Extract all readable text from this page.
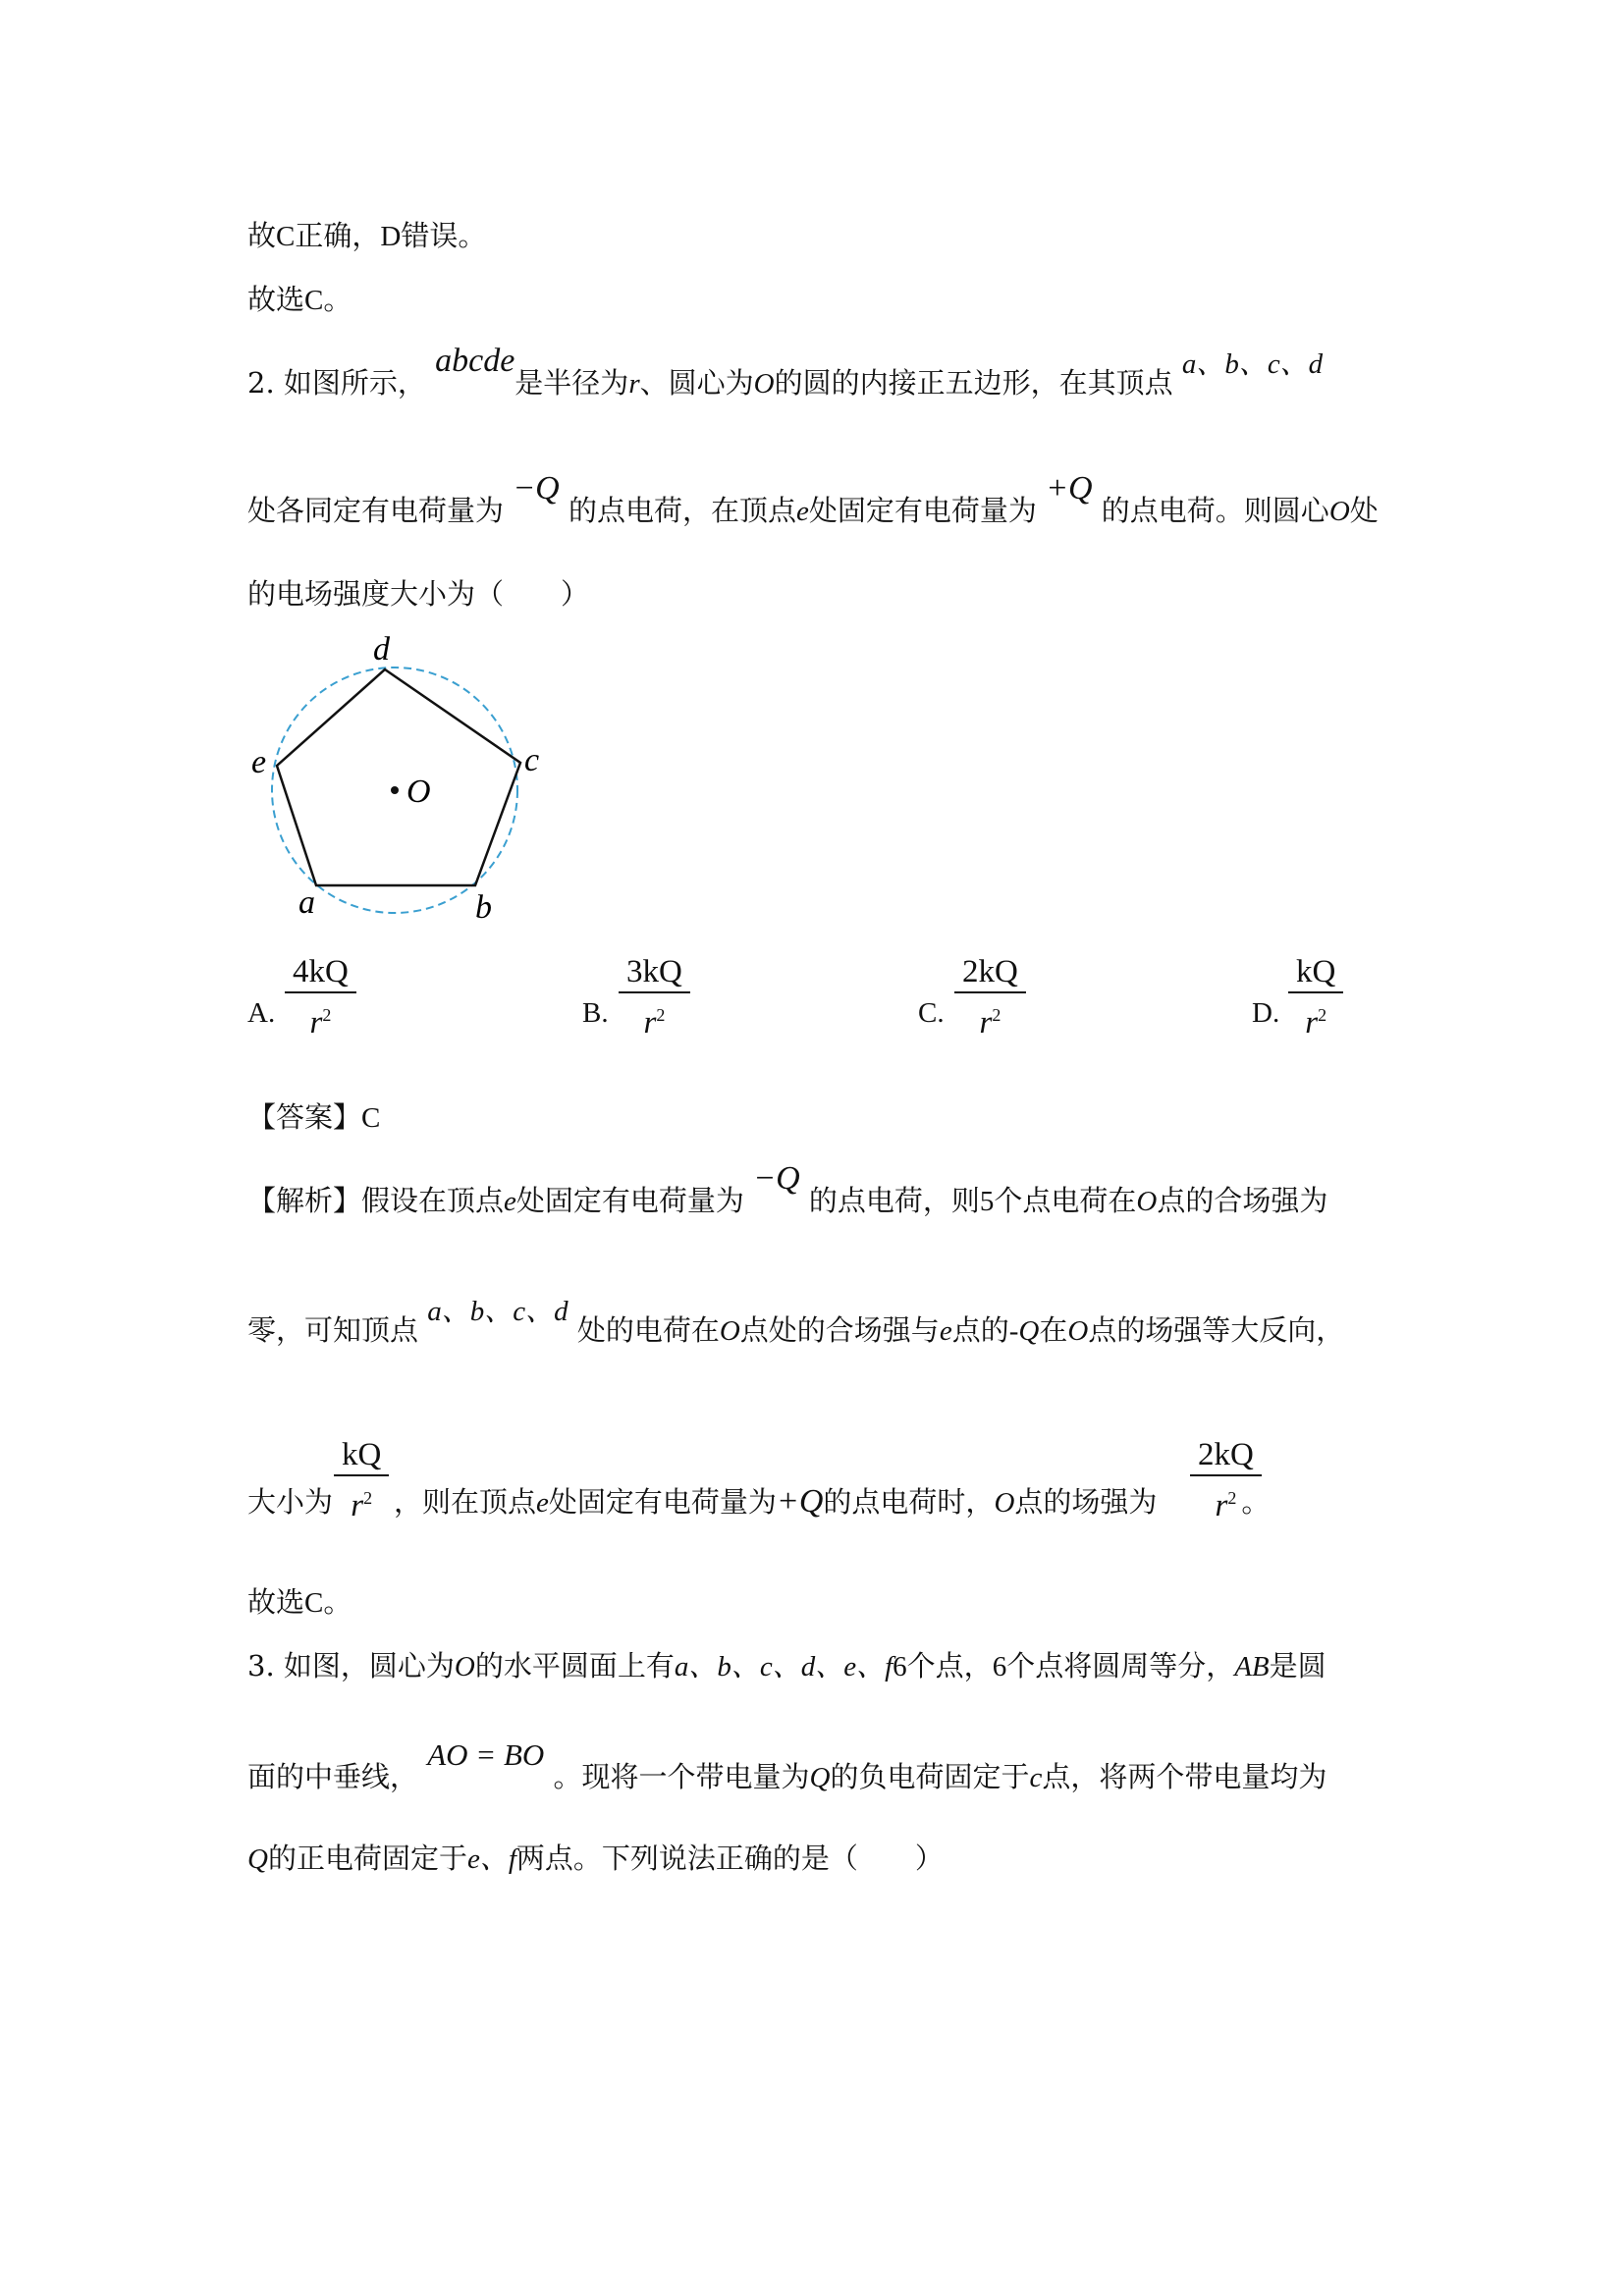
故C正确，D错误。
故选C。
2. 如图所示， abcde是半径为r、圆心为O的圆的内接正五边形，在其顶点 a、b、c、d
处各同定有电荷量为 −Q 的点电荷，在顶点e处固定有电荷量为 +Q 的点电荷。则圆心O处
的电场强度大小为（　　）
d
c
e
a	b
O
A. $\frac{4kQ}{r^2}$	B. $\frac{3kQ}{r^2}$	C. $\frac{2kQ}{r^2}$	D. $\frac{kQ}{r^2}$
【答案】C
【解析】假设在顶点e处固定有电荷量为 −Q 的点电荷，则5个点电荷在O点的合场强为
零，可知顶点 a、b、c、d 处的电荷在O点处的合场强与e点的-Q在O点的场强等大反向，
大小为 ，则在顶点e处固定有电荷量为+Q的点电荷时，O点的场强为	。
$\frac{kQ}{r^2}$	$\frac{2kQ}{r^2}$
故选C。
3. 如图，圆心为O的水平圆面上有a、b、c、d、e、f6个点，6个点将圆周等分，AB是圆
面的中垂线， AO = BO 。现将一个带电量为Q的负电荷固定于c点，将两个带电量均为
Q的正电荷固定于e、f两点。下列说法正确的是（　　）
